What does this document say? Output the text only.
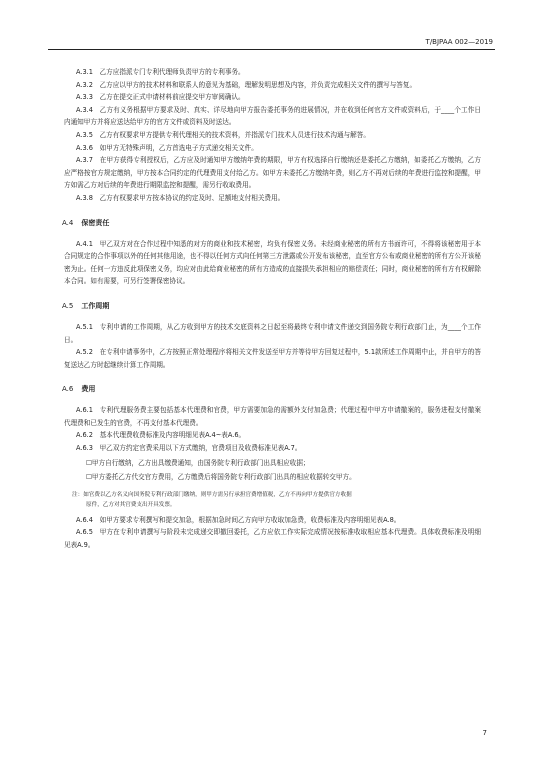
T/BJPAA 002—2019

A.3.1　乙方应指派专门专利代理师负责甲方的专利事务。

A.3.2　乙方应以甲方的技术材料和联系人的意见为基础，理解发明思想及内容，并负责完成相关文件的撰写与答复。

A.3.3　乙方在提交正式申请材料前应提交甲方审阅确认。

A.3.4　乙方有义务根据甲方要求及时、真实、详尽地向甲方报告委托事务的进展情况，并在收到任何官方文件或资料后，于____个工作日内通知甲方并将应送达给甲方的官方文件或资料及时送达。

A.3.5　乙方有权要求甲方提供专利代理相关的技术资料，并指派专门技术人员进行技术沟通与解答。

A.3.6　如甲方无特殊声明，乙方首选电子方式递交相关文件。

A.3.7　在甲方获得专利授权后，乙方应及时通知甲方缴纳年费的期限，甲方有权选择自行缴纳还是委托乙方缴纳，如委托乙方缴纳，乙方应严格按官方规定缴纳，甲方按本合同约定的代理费用支付给乙方。如甲方未委托乙方缴纳年费，则乙方不再对后续的年费进行监控和提醒，甲方如需乙方对后续的年费进行期限监控和提醒，需另行收取费用。

A.3.8　乙方有权要求甲方按本协议的约定及时、足额地支付相关费用。

A.4 保密责任

A.4.1　甲乙双方对在合作过程中知悉的对方的商业和技术秘密，均负有保密义务。未经商业秘密的所有方书面许可，不得将该秘密用于本合同规定的合作事项以外的任何其他用途，也不得以任何方式向任何第三方泄露或公开发布该秘密，直至官方公布或商业秘密的所有方公开该秘密为止。任何一方违反此项保密义务，均应对由此给商业秘密的所有方造成的直接损失承担相应的赔偿责任；同时，商业秘密的所有方有权解除本合同。如有需要，可另行签署保密协议。

A.5 工作周期

A.5.1　专利申请的工作周期，从乙方收到甲方的技术交底资料之日起至将最终专利申请文件递交到国务院专利行政部门止，为____个工作日。

A.5.2　在专利申请事务中，乙方按照正常处理程序将相关文件发送至甲方并等待甲方回复过程中，5.1款所述工作周期中止，并自甲方的答复送达乙方时起继续计算工作周期。

A.6 费用

A.6.1　专利代理服务费主要包括基本代理费和官费，甲方需要加急的需额外支付加急费；代理过程中甲方申请撤案的，服务进程支付撤案代理费和已发生的官费，不再支付基本代理费。

A.6.2　基本代理费收费标准及内容明细见表A.4~表A.6。

A.6.3　甲乙双方约定官费采用以下方式缴纳，官费项目及收费标准见表A.7。

☐甲方自行缴纳，乙方出具缴费通知，由国务院专利行政部门出具相应收据；
☐甲方委托乙方代交官方费用，乙方缴费后将国务院专利行政部门出具的相应收据转交甲方。
注：如官费以乙方名义向国务院专利行政部门缴纳，则甲方需另行承担官费增值税，乙方不再向甲方提供官方收据
原件，乙方对其官费支出开具发票。

A.6.4　如甲方要求专利撰写和提交加急，根据加急时间乙方向甲方收取加急费，收费标准及内容明细见表A.8。

A.6.5　甲方在专利申请撰写与阶段未完成递交即撤回委托，乙方应依工作实际完成情况按标准收取相应基本代理费。具体收费标准及明细见表A.9。

7
